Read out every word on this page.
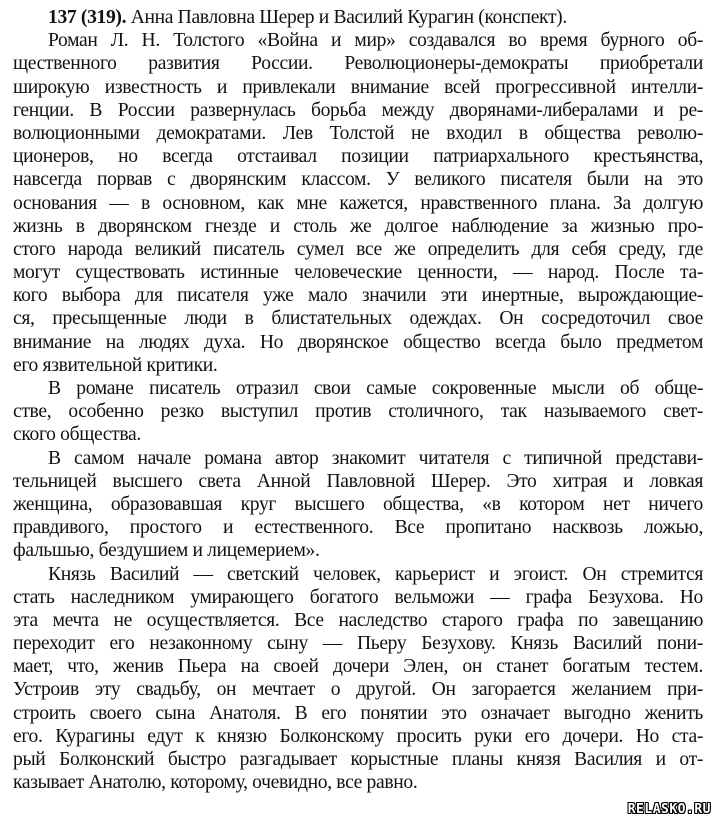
137 (319). Анна Павловна Шерер и Василий Курагин (конспект).
Роман Л. Н. Толстого «Война и мир» создавался во время бурного об-
щественного развития России. Революционеры-демократы приобретали
широкую известность и привлекали внимание всей прогрессивной интелли-
генции. В России развернулась борьба между дворянами-либералами и ре-
волюционными демократами. Лев Толстой не входил в общества револю-
ционеров, но всегда отстаивал позиции патриархального крестьянства,
навсегда порвав с дворянским классом. У великого писателя были на это
основания — в основном, как мне кажется, нравственного плана. За долгую
жизнь в дворянском гнезде и столь же долгое наблюдение за жизнью про-
стого народа великий писатель сумел все же определить для себя среду, где
могут существовать истинные человеческие ценности, — народ. После та-
кого выбора для писателя уже мало значили эти инертные, вырождающие-
ся, пресыщенные люди в блистательных одеждах. Он сосредоточил свое
внимание на людях духа. Но дворянское общество всегда было предметом
его язвительной критики.
В романе писатель отразил свои самые сокровенные мысли об обще-
стве, особенно резко выступил против столичного, так называемого свет-
ского общества.
В самом начале романа автор знакомит читателя с типичной представи-
тельницей высшего света Анной Павловной Шерер. Это хитрая и ловкая
женщина, образовавшая круг высшего общества, «в котором нет ничего
правдивого, простого и естественного. Все пропитано насквозь ложью,
фальшью, бездушием и лицемерием».
Князь Василий — светский человек, карьерист и эгоист. Он стремится
стать наследником умирающего богатого вельможи — графа Безухова. Но
эта мечта не осуществляется. Все наследство старого графа по завещанию
переходит его незаконному сыну — Пьеру Безухову. Князь Василий пони-
мает, что, женив Пьера на своей дочери Элен, он станет богатым тестем.
Устроив эту свадьбу, он мечтает о другой. Он загорается желанием при-
строить своего сына Анатоля. В его понятии это означает выгодно женить
его. Курагины едут к князю Болконскому просить руки его дочери. Но ста-
рый Болконский быстро разгадывает корыстные планы князя Василия и от-
казывает Анатолю, которому, очевидно, все равно.
RELASKO.RU
